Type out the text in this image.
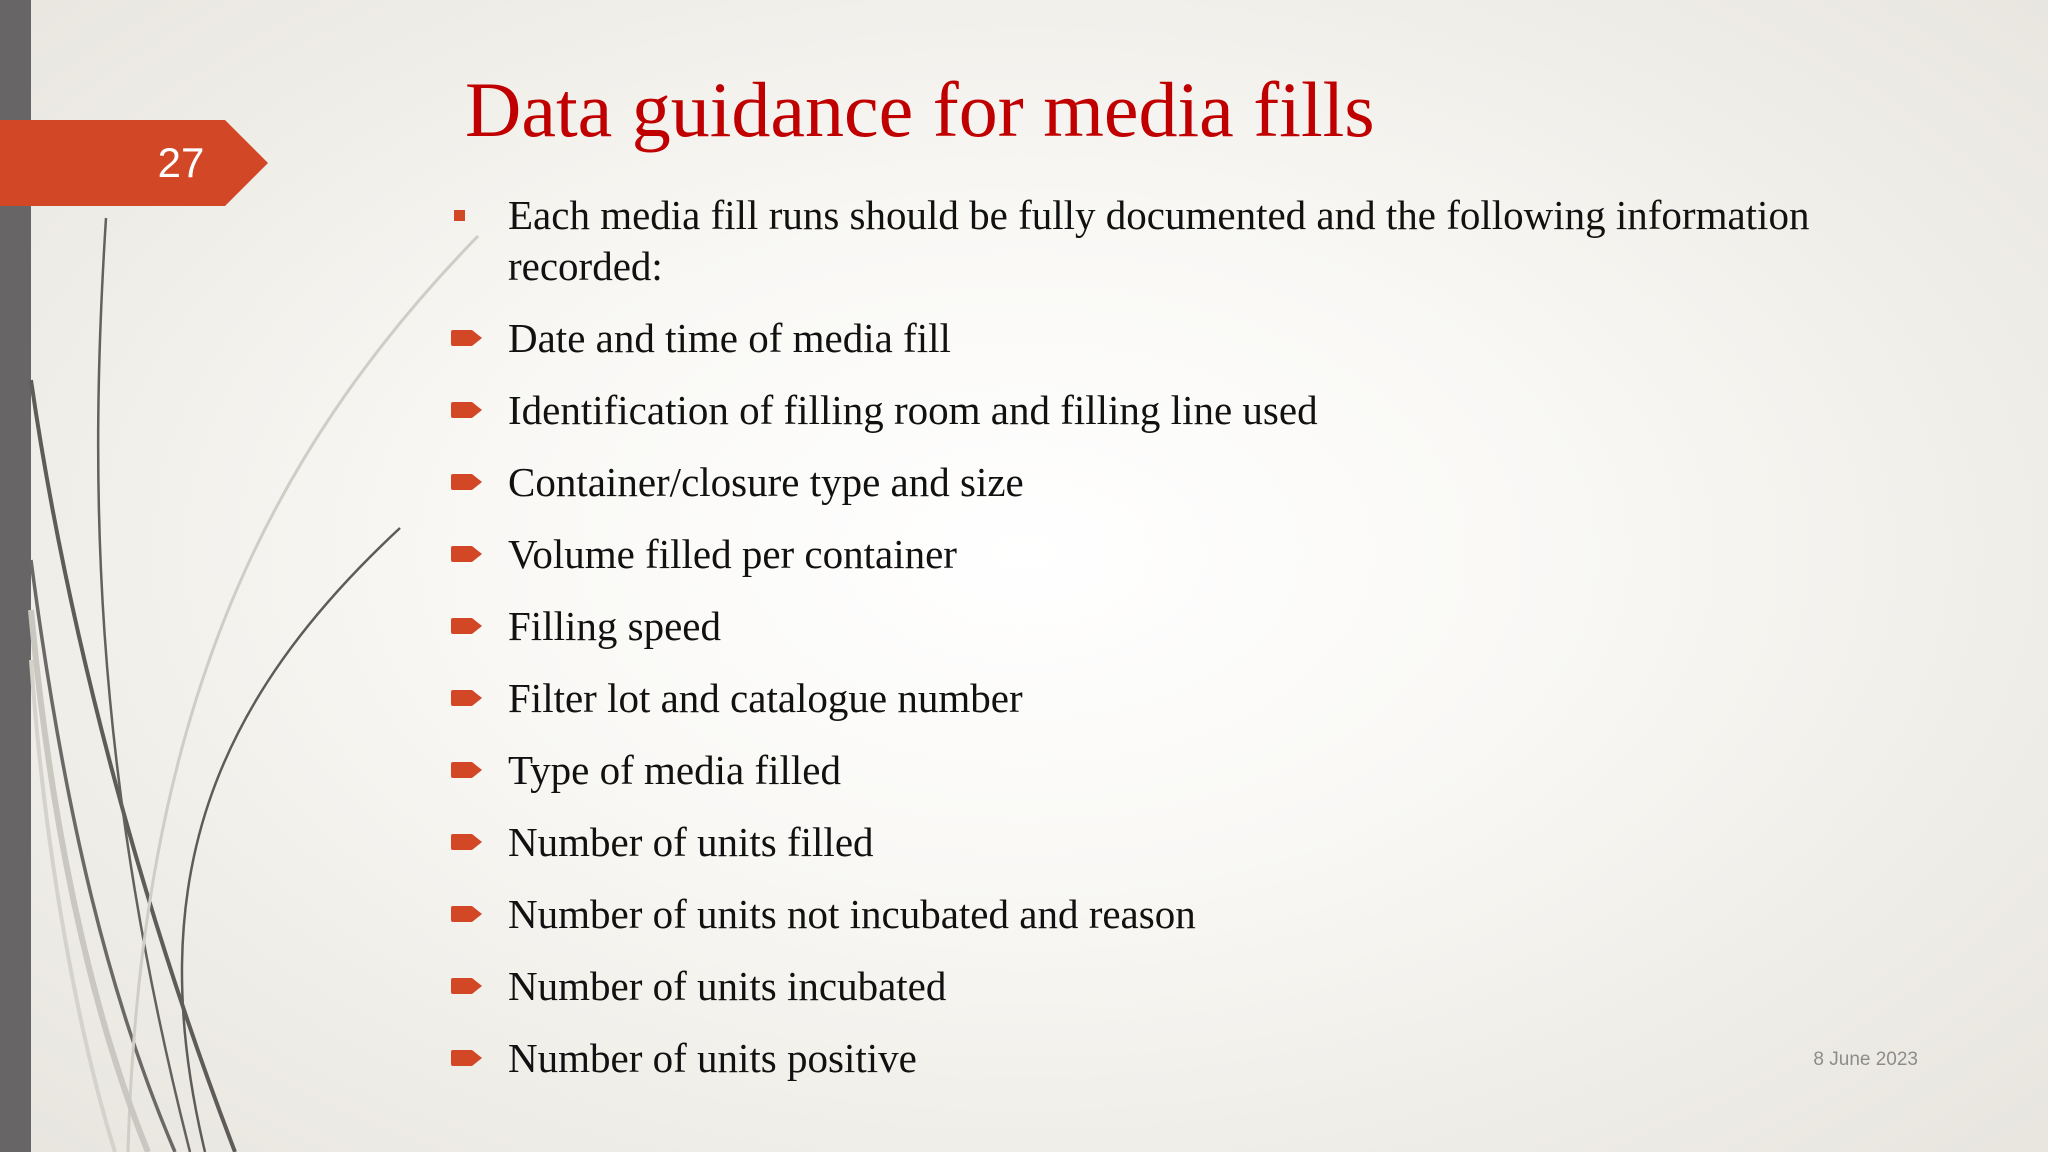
27
Data guidance for media fills
Each media fill runs should be fully documented and the following information recorded:
Date and time of media fill
Identification of filling room and filling line used
Container/closure type and size
Volume filled per container
Filling speed
Filter lot and catalogue number
Type of media filled
Number of units filled
Number of units not incubated and reason
Number of units incubated
Number of units positive	8 June 2023
